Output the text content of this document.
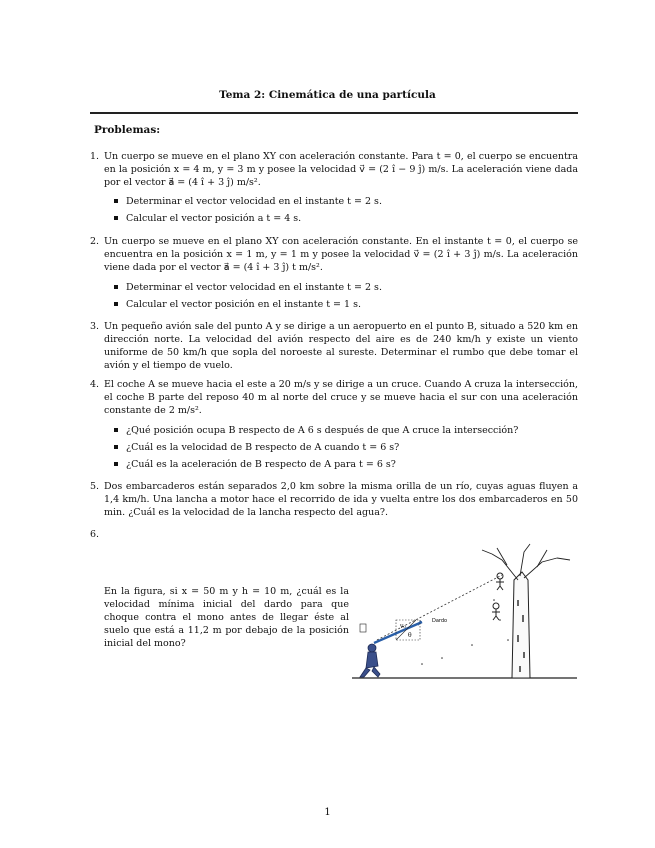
Tema 2: Cinemática de una partícula
Problemas:
1. Un cuerpo se mueve en el plano XY con aceleración constante. Para t = 0, el cuerpo se encuentra en la posición x = 4 m, y = 3 m y posee la velocidad v⃗ = (2 î − 9 ĵ) m/s. La aceleración viene dada por el vector a⃗ = (4 î + 3 ĵ) m/s².
Determinar el vector velocidad en el instante t = 2 s.
Calcular el vector posición a t = 4 s.
2. Un cuerpo se mueve en el plano XY con aceleración constante. En el instante t = 0, el cuerpo se encuentra en la posición x = 1 m, y = 1 m y posee la velocidad v⃗ = (2 î + 3 ĵ) m/s. La aceleración viene dada por el vector a⃗ = (4 î + 3 ĵ) t m/s².
Determinar el vector velocidad en el instante t = 2 s.
Calcular el vector posición en el instante t = 1 s.
3. Un pequeño avión sale del punto A y se dirige a un aeropuerto en el punto B, situado a 520 km en dirección norte. La velocidad del avión respecto del aire es de 240 km/h y existe un viento uniforme de 50 km/h que sopla del noroeste al sureste. Determinar el rumbo que debe tomar el avión y el tiempo de vuelo.
4. El coche A se mueve hacia el este a 20 m/s y se dirige a un cruce. Cuando A cruza la intersección, el coche B parte del reposo 40 m al norte del cruce y se mueve hacia el sur con una aceleración constante de 2 m/s².
¿Qué posición ocupa B respecto de A 6 s después de que A cruce la intersección?
¿Cuál es la velocidad de B respecto de A cuando t = 6 s?
¿Cuál es la aceleración de B respecto de A para t = 6 s?
5. Dos embarcaderos están separados 2,0 km sobre la misma orilla de un río, cuyas aguas fluyen a 1,4 km/h. Una lancha a motor hace el recorrido de ida y vuelta entre los dos embarcaderos en 50 min. ¿Cuál es la velocidad de la lancha respecto del agua?.
6.
En la figura, si x = 50 m y h = 10 m, ¿cuál es la velocidad mínima inicial del dardo para que choque contra el mono antes de llegar éste al suelo que está a 11,2 m por debajo de la posición inicial del mono?
v₀
θ
Dardo
1
